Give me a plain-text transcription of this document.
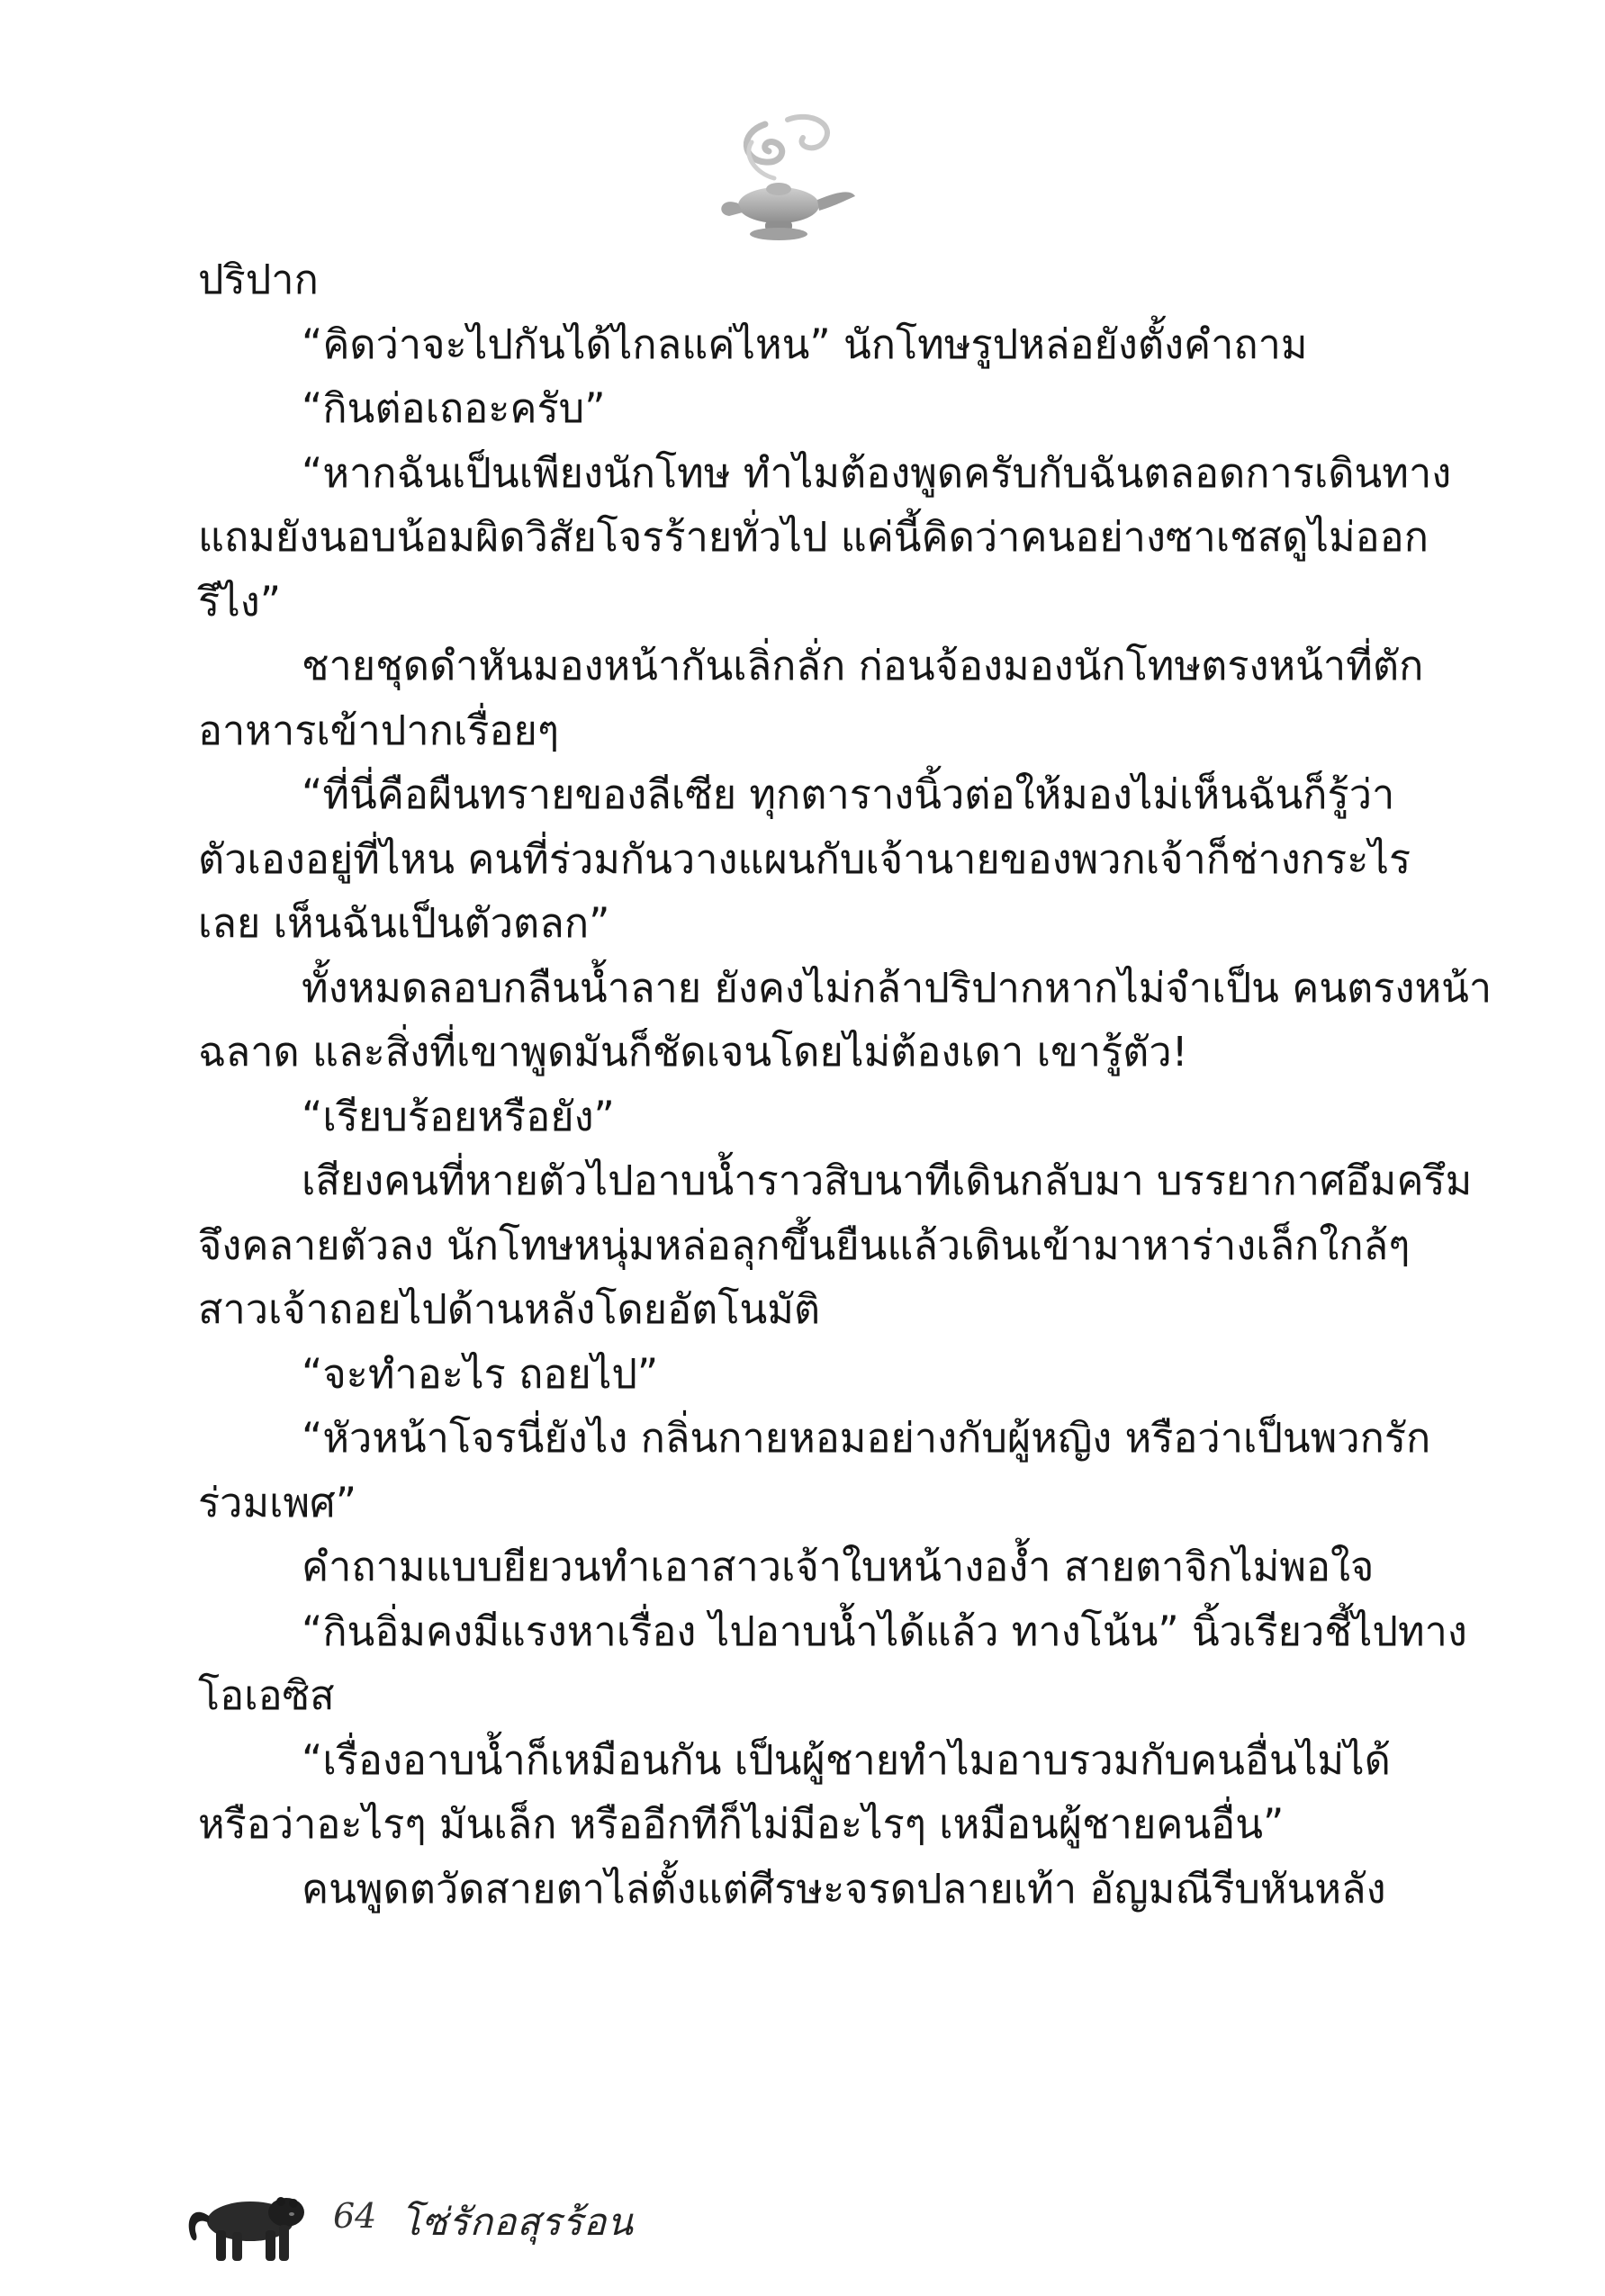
ปริปาก
“คิดว่าจะไปกันได้ไกลแค่ไหน” นักโทษรูปหล่อยังตั้งคำถาม
“กินต่อเถอะครับ”
“หากฉันเป็นเพียงนักโทษ ทำไมต้องพูดครับกับฉันตลอดการเดินทาง
แถมยังนอบน้อมผิดวิสัยโจรร้ายทั่วไป แค่นี้คิดว่าคนอย่างซาเชสดูไม่ออก
รึไง”
ชายชุดดำหันมองหน้ากันเลิ่กลั่ก ก่อนจ้องมองนักโทษตรงหน้าที่ตัก
อาหารเข้าปากเรื่อยๆ
“ที่นี่คือผืนทรายของลีเซีย ทุกตารางนิ้วต่อให้มองไม่เห็นฉันก็รู้ว่า
ตัวเองอยู่ที่ไหน คนที่ร่วมกันวางแผนกับเจ้านายของพวกเจ้าก็ช่างกระไร
เลย เห็นฉันเป็นตัวตลก”
ทั้งหมดลอบกลืนน้ำลาย ยังคงไม่กล้าปริปากหากไม่จำเป็น คนตรงหน้า
ฉลาด และสิ่งที่เขาพูดมันก็ชัดเจนโดยไม่ต้องเดา เขารู้ตัว!
“เรียบร้อยหรือยัง”
เสียงคนที่หายตัวไปอาบน้ำราวสิบนาทีเดินกลับมา บรรยากาศอึมครึม
จึงคลายตัวลง นักโทษหนุ่มหล่อลุกขึ้นยืนแล้วเดินเข้ามาหาร่างเล็กใกล้ๆ
สาวเจ้าถอยไปด้านหลังโดยอัตโนมัติ
“จะทำอะไร ถอยไป”
“หัวหน้าโจรนี่ยังไง กลิ่นกายหอมอย่างกับผู้หญิง หรือว่าเป็นพวกรัก
ร่วมเพศ”
คำถามแบบยียวนทำเอาสาวเจ้าใบหน้างอง้ำ สายตาจิกไม่พอใจ
“กินอิ่มคงมีแรงหาเรื่อง ไปอาบน้ำได้แล้ว ทางโน้น” นิ้วเรียวชี้ไปทาง
โอเอซิส
“เรื่องอาบน้ำก็เหมือนกัน เป็นผู้ชายทำไมอาบรวมกับคนอื่นไม่ได้
หรือว่าอะไรๆ มันเล็ก หรืออีกทีก็ไม่มีอะไรๆ เหมือนผู้ชายคนอื่น”
คนพูดตวัดสายตาไล่ตั้งแต่ศีรษะจรดปลายเท้า อัญมณีรีบหันหลัง
64 โซ่รักอสุรร้อน
